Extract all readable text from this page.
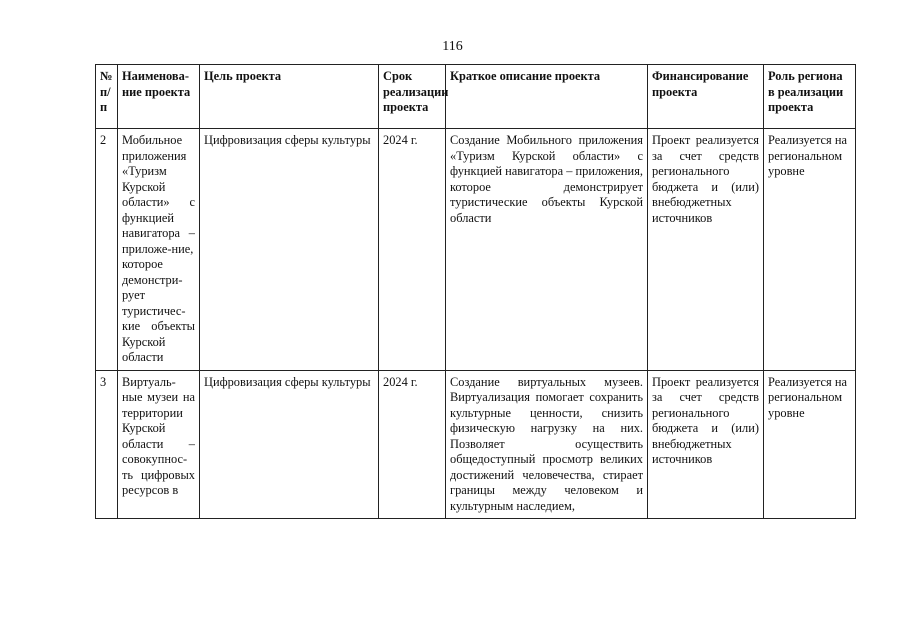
116
№ п/п	Наименова-ние проекта	Цель проекта	Срок реализации проекта	Краткое описание проекта	Финансирование проекта	Роль региона в реализации проекта
2	Мобильное приложения «Туризм Курской области» с функцией навигатора – приложе-ние, которое демонстри-рует туристичес-кие объекты Курской области	Цифровизация сферы культуры	2024 г.	Создание Мобильного приложения «Туризм Курской области» с функцией навигатора – приложения, которое демонстрирует туристические объекты Курской области	Проект реализуется за счет средств регионального бюджета и (или) внебюджетных источников	Реализуется на региональном уровне
3	Виртуаль-ные музеи на территории Курской области – совокупнос-ть цифровых ресурсов в	Цифровизация сферы культуры	2024 г.	Создание виртуальных музеев. Виртуализация помогает сохранить культурные ценности, снизить физическую нагрузку на них. Позволяет осуществить общедоступный просмотр великих достижений человечества, стирает границы между человеком и культурным наследием,	Проект реализуется за счет средств регионального бюджета и (или) внебюджетных источников	Реализуется на региональном уровне
